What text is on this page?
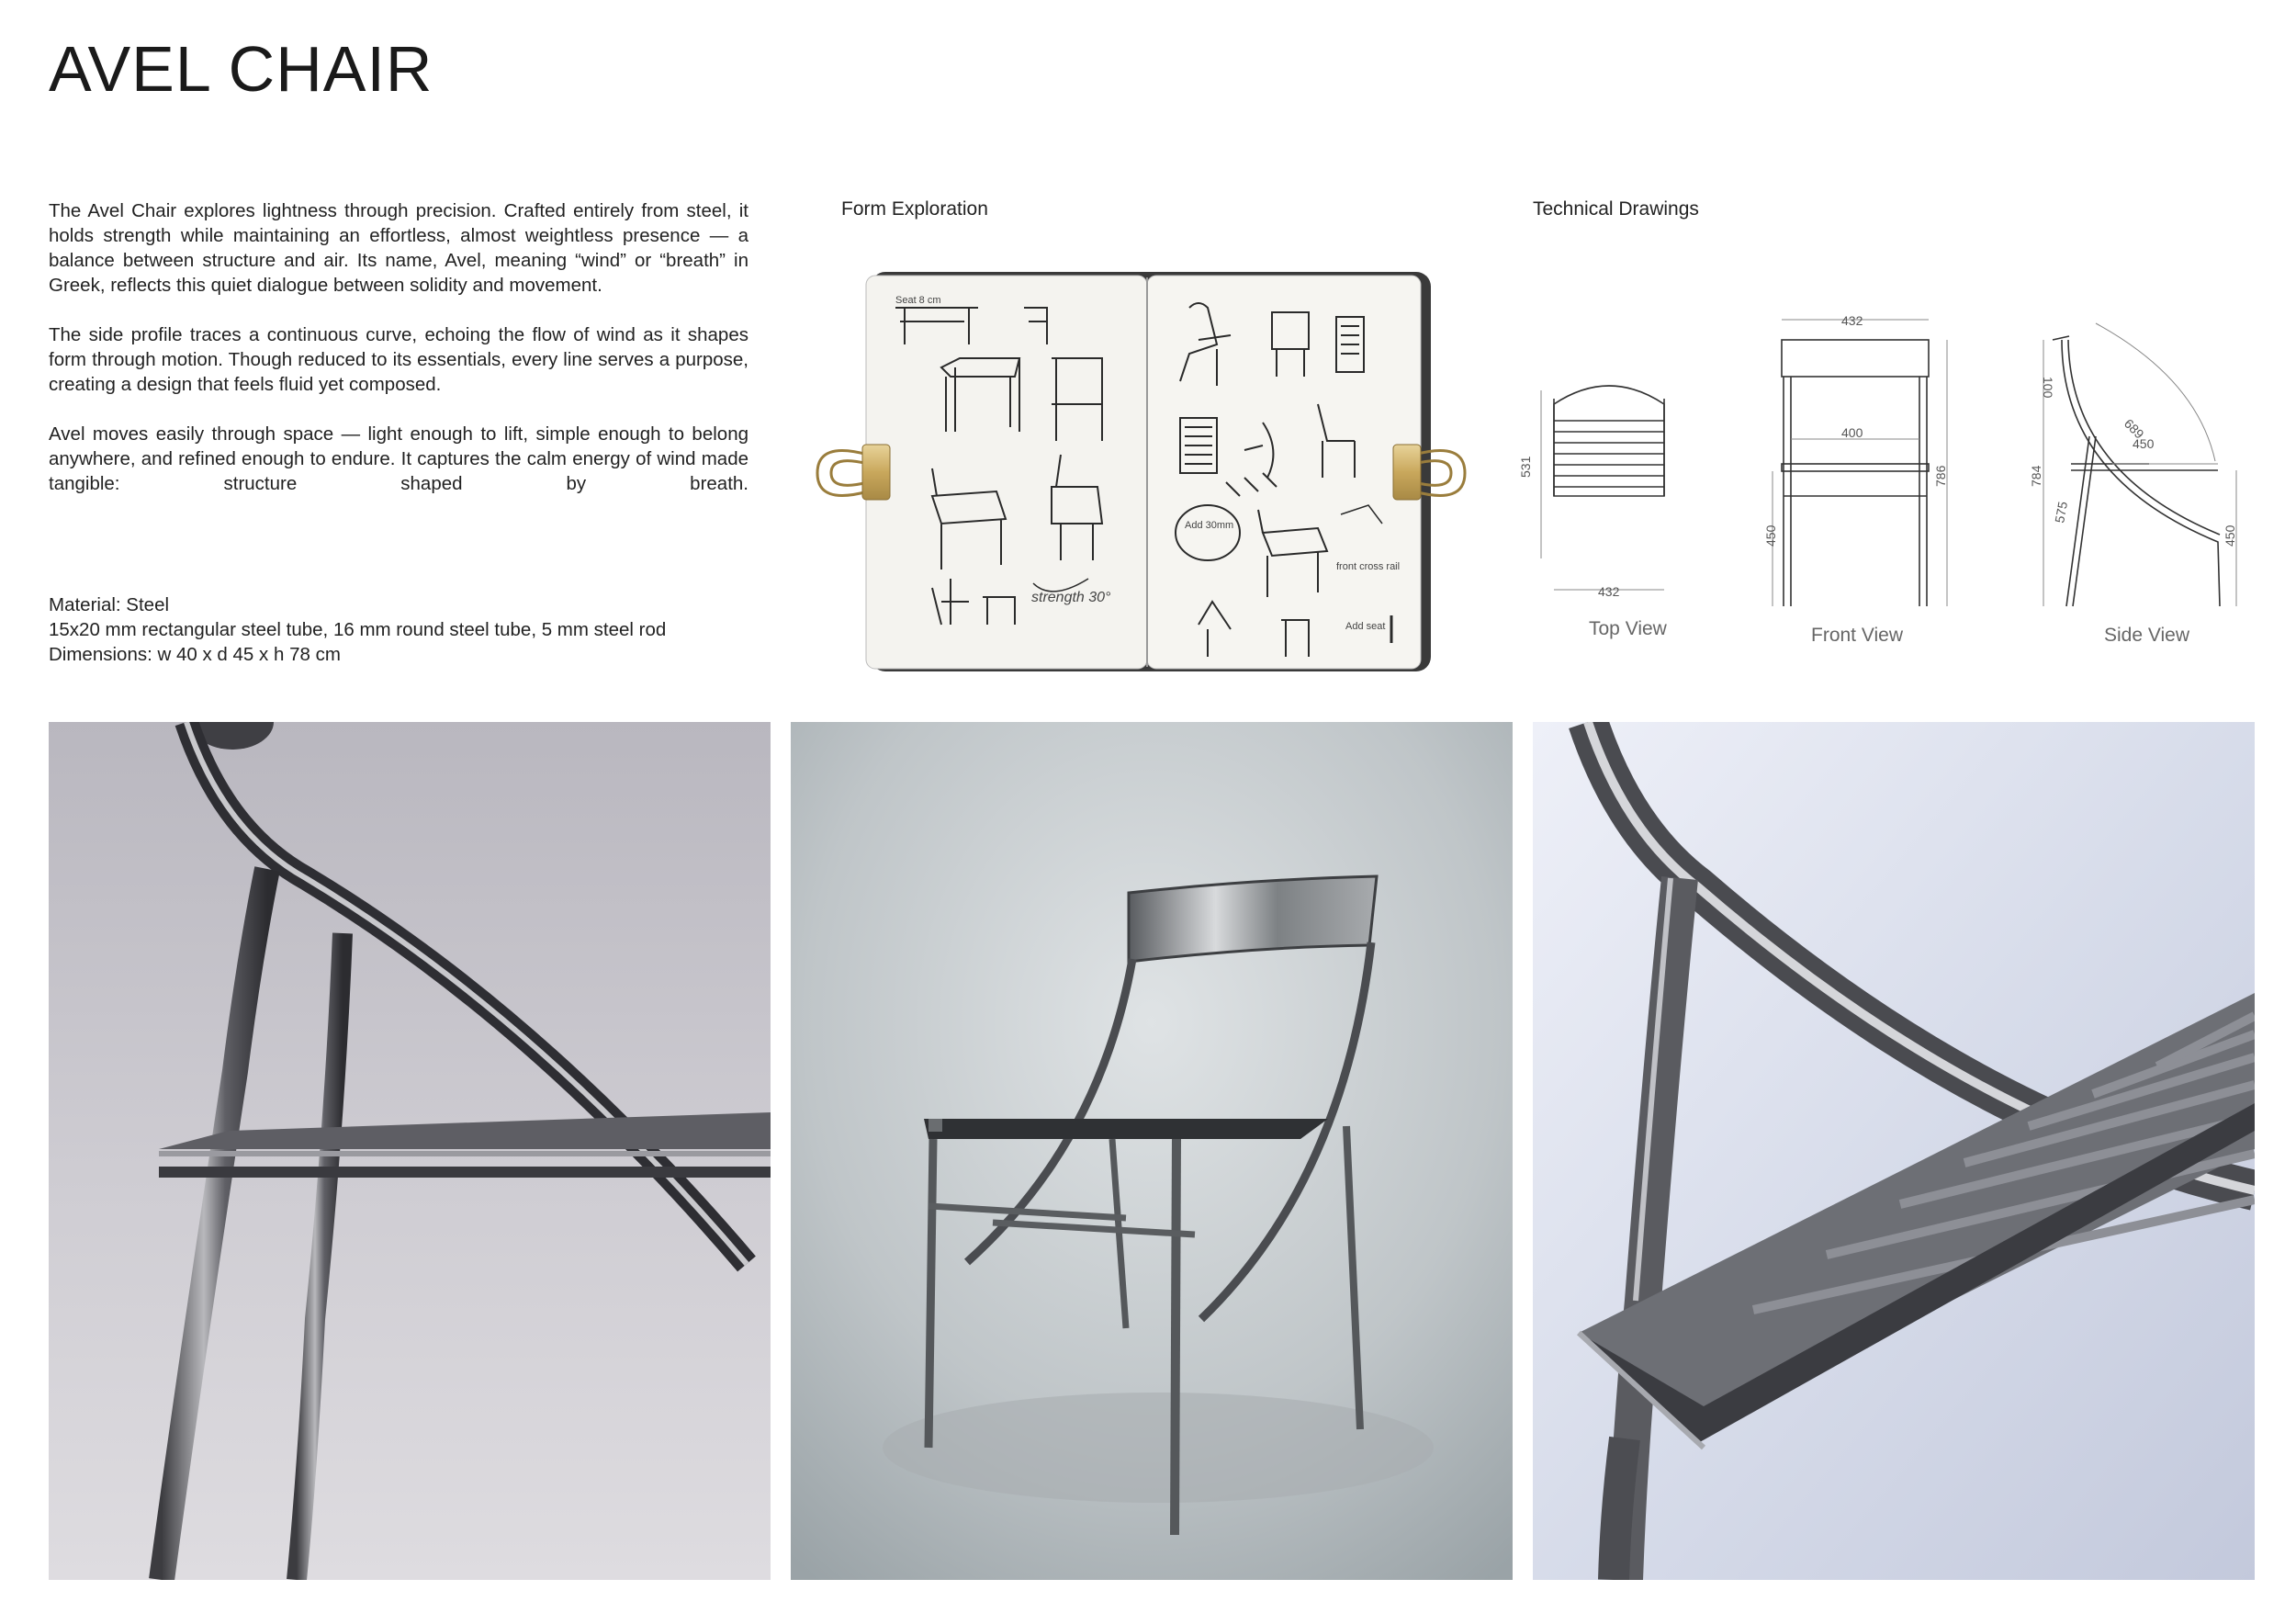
AVEL CHAIR

The Avel Chair explores lightness through precision. Crafted entirely from steel, it holds strength while maintaining an effortless, almost weightless presence — a balance between structure and air. Its name, Avel, meaning “wind” or “breath” in Greek, reflects this quiet dialogue between solidity and movement.

The side profile traces a continuous curve, echoing the flow of wind as it shapes form through motion. Though reduced to its essentials, every line serves a purpose, creating a design that feels fluid yet composed.

Avel moves easily through space — light enough to lift, simple enough to belong anywhere, and refined enough to endure. It captures the calm energy of wind made tangible: structure shaped by breath.

Material: Steel
15x20 mm rectangular steel tube, 16 mm round steel tube, 5 mm steel rod
Dimensions: w 40 x d 45 x h 78 cm
Form Exploration	Technical Drawings
strength 30°
Add 30mm
Seat 8 cm
front cross rail
Add seat
432
531
432
400
786
450
784
100
689
450
575
450
Top View	Front View	Side View
